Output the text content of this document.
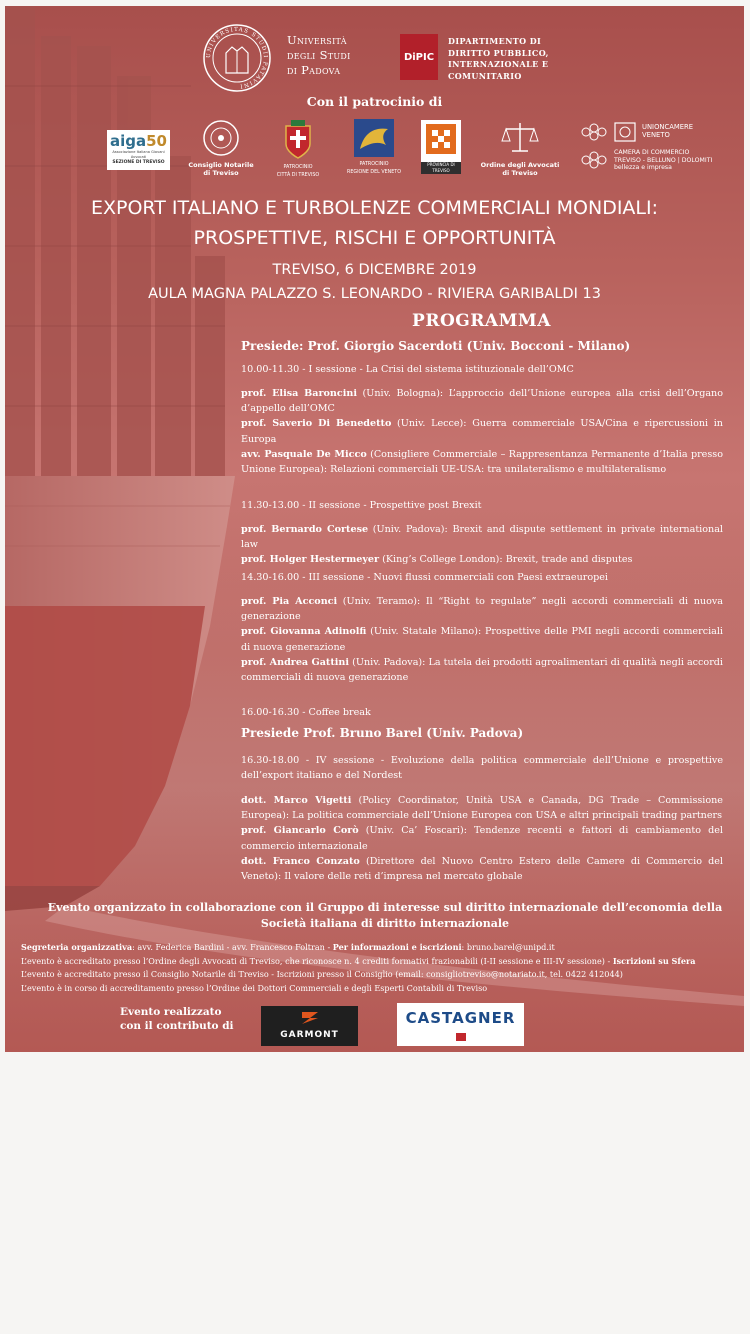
UNIVERSITAS STUDII PATAVINI
Università
degli Studi
di Padova
DiPIC
DIPARTIMENTO DI
DIRITTO PUBBLICO,
INTERNAZIONALE E
COMUNITARIO
Con il patrocinio di
aiga50
Associazione Italiana Giovani Avvocati
SEZIONE DI TREVISO	Consiglio Notarile
di Treviso
PATROCINIO
CITTÀ DI TREVISO
PATROCINIO
REGIONE DEL VENETO
PROVINCIA DI TREVISO
Ordine degli Avvocati
di Treviso
UNIONCAMERE
VENETO
CAMERA DI COMMERCIO
TREVISO - BELLUNO | DOLOMITI
bellezza e impresa
EXPORT ITALIANO E TURBOLENZE COMMERCIALI MONDIALI:
PROSPETTIVE, RISCHI E OPPORTUNITÀ
TREVISO, 6 DICEMBRE 2019
AULA MAGNA PALAZZO S. LEONARDO - RIVIERA GARIBALDI 13
PROGRAMMA
Presiede: Prof. Giorgio Sacerdoti (Univ. Bocconi - Milano)
10.00-11.30 - I sessione - La Crisi del sistema istituzionale dell’OMC
prof. Elisa Baroncini (Univ. Bologna): L’approccio dell’Unione europea alla crisi dell’Organo d’appello dell’OMC
prof. Saverio Di Benedetto (Univ. Lecce): Guerra commerciale USA/Cina e ripercussioni in Europa
avv. Pasquale De Micco (Consigliere Commerciale – Rappresentanza Permanente d’Italia presso Unione Europea): Relazioni commerciali UE-USA: tra unilateralismo e multilateralismo
11.30-13.00 - II sessione - Prospettive post Brexit
prof. Bernardo Cortese (Univ. Padova): Brexit and dispute settlement in private international law
prof. Holger Hestermeyer (King’s College London): Brexit, trade and disputes
14.30-16.00 - III sessione - Nuovi flussi commerciali con Paesi extraeuropei
prof. Pia Acconci (Univ. Teramo): Il “Right to regulate” negli accordi commerciali di nuova generazione
prof. Giovanna Adinolfi (Univ. Statale Milano): Prospettive delle PMI negli accordi commerciali di nuova generazione
prof. Andrea Gattini (Univ. Padova): La tutela dei prodotti agroalimentari di qualità negli accordi commerciali di nuova generazione
16.00-16.30 - Coffee break
Presiede Prof. Bruno Barel (Univ. Padova)
16.30-18.00 - IV sessione - Evoluzione della politica commerciale dell’Unione e prospettive dell’export italiano e del Nordest
dott. Marco Vigetti (Policy Coordinator, Unità USA e Canada, DG Trade – Commissione Europea): La politica commerciale dell’Unione Europea con USA e altri principali trading partners
prof. Giancarlo Corò (Univ. Ca’ Foscari): Tendenze recenti e fattori di cambiamento del commercio internazionale
dott. Franco Conzato (Direttore del Nuovo Centro Estero delle Camere di Commercio del Veneto): Il valore delle reti d’impresa nel mercato globale
Evento organizzato in collaborazione con il Gruppo di interesse sul diritto internazionale dell’economia della Società italiana di diritto internazionale
Segreteria organizzativa: avv. Federica Bardini - avv. Francesco Foltran - Per informazioni e iscrizioni: bruno.barel@unipd.it
L’evento è accreditato presso l’Ordine degli Avvocati di Treviso, che riconosce n. 4 crediti formativi frazionabili (I-II sessione e III-IV sessione) - Iscrizioni su Sfera
L’evento è accreditato presso il Consiglio Notarile di Treviso - Iscrizioni presso il Consiglio (email: consigliotreviso@notariato.it, tel. 0422 412044)
L’evento è in corso di accreditamento presso l’Ordine dei Dottori Commerciali e degli Esperti Contabili di Treviso
Evento realizzato
con il contributo di
GARMONT
CASTAGNER
